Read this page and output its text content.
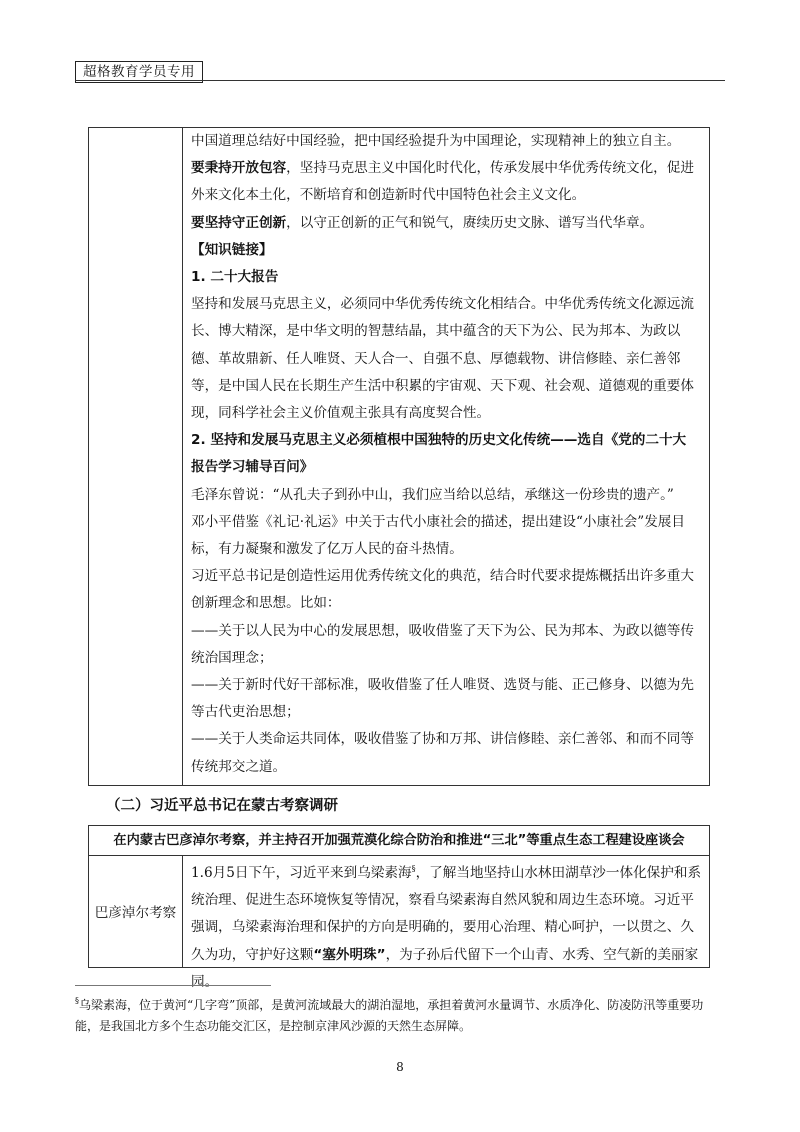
超格教育学员专用

中国道理总结好中国经验，把中国经验提升为中国理论，实现精神上的独立自主。

要秉持开放包容，坚持马克思主义中国化时代化，传承发展中华优秀传统文化，促进外来文化本土化，不断培育和创造新时代中国特色社会主义文化。

要坚持守正创新，以守正创新的正气和锐气，赓续历史文脉、谱写当代华章。

【知识链接】

1. 二十大报告

坚持和发展马克思主义，必须同中华优秀传统文化相结合。中华优秀传统文化源远流长、博大精深，是中华文明的智慧结晶，其中蕴含的天下为公、民为邦本、为政以德、革故鼎新、任人唯贤、天人合一、自强不息、厚德载物、讲信修睦、亲仁善邻等，是中国人民在长期生产生活中积累的宇宙观、天下观、社会观、道德观的重要体现，同科学社会主义价值观主张具有高度契合性。

2. 坚持和发展马克思主义必须植根中国独特的历史文化传统——选自《党的二十大报告学习辅导百问》

毛泽东曾说：“从孔夫子到孙中山，我们应当给以总结，承继这一份珍贵的遗产。”

邓小平借鉴《礼记·礼运》中关于古代小康社会的描述，提出建设“小康社会”发展目标，有力凝聚和激发了亿万人民的奋斗热情。

习近平总书记是创造性运用优秀传统文化的典范，结合时代要求提炼概括出许多重大创新理念和思想。比如：

——关于以人民为中心的发展思想，吸收借鉴了天下为公、民为邦本、为政以德等传统治国理念；

——关于新时代好干部标准，吸收借鉴了任人唯贤、选贤与能、正己修身、以德为先等古代吏治思想；

——关于人类命运共同体，吸收借鉴了协和万邦、讲信修睦、亲仁善邻、和而不同等传统邦交之道。

（二）习近平总书记在蒙古考察调研
在内蒙古巴彦淖尔考察，并主持召开加强荒漠化综合防治和推进“三北”等重点生态工程建设座谈会
巴彦淖尔考察

1.6月5日下午，习近平来到乌梁素海§，了解当地坚持山水林田湖草沙一体化保护和系统治理、促进生态环境恢复等情况，察看乌梁素海自然风貌和周边生态环境。习近平强调，乌梁素海治理和保护的方向是明确的，要用心治理、精心呵护，一以贯之、久久为功，守护好这颗“塞外明珠”，为子孙后代留下一个山青、水秀、空气新的美丽家园。

§乌梁素海，位于黄河“几字弯”顶部，是黄河流域最大的湖泊湿地，承担着黄河水量调节、水质净化、防凌防汛等重要功能，是我国北方多个生态功能交汇区，是控制京津风沙源的天然生态屏障。

8
